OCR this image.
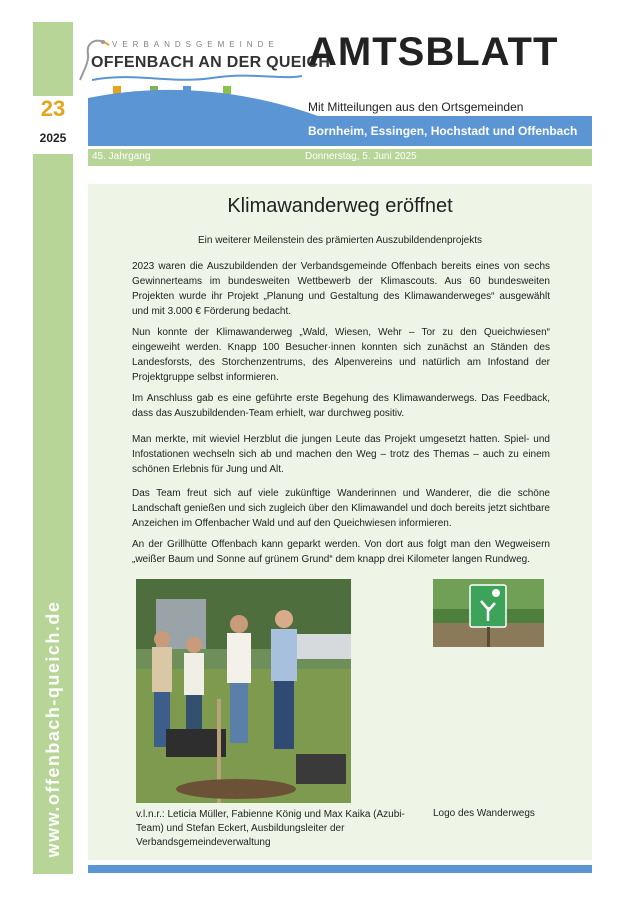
23
2025
www.offenbach-queich.de
VERBANDSGEMEINDE
OFFENBACH AN DER QUEICH
AMTSBLATT
Mit Mitteilungen aus den Ortsgemeinden
Bornheim, Essingen, Hochstadt und Offenbach
45. Jahrgang	Donnerstag, 5. Juni 2025
Klimawanderweg eröffnet
Ein weiterer Meilenstein des prämierten Auszubildendenprojekts
2023 waren die Auszubildenden der Verbandsgemeinde Offenbach bereits eines von sechs Gewinnerteams im bundesweiten Wettbewerb der Klimascouts. Aus 60 bundesweiten Projekten wurde ihr Projekt „Planung und Gestaltung des Klimawanderweges“ ausgewählt und mit 3.000 € Förderung bedacht.
Nun konnte der Klimawanderweg „Wald, Wiesen, Wehr – Tor zu den Queichwiesen“ eingeweiht werden. Knapp 100 Besucher·innen konnten sich zunächst an Ständen des Landesforsts, des Storchenzentrums, des Alpenvereins und natürlich am Infostand der Projektgruppe selbst informieren.
Im Anschluss gab es eine geführte erste Begehung des Klimawanderwegs. Das Feedback, dass das Auszubildenden-Team erhielt, war durchweg positiv.
Man merkte, mit wieviel Herzblut die jungen Leute das Projekt umgesetzt hatten. Spiel- und Infostationen wechseln sich ab und machen den Weg – trotz des Themas – auch zu einem schönen Erlebnis für Jung und Alt.
Das Team freut sich auf viele zukünftige Wanderinnen und Wanderer, die die schöne Landschaft genießen und sich zugleich über den Klimawandel und doch bereits jetzt sichtbare Anzeichen im Offenbacher Wald und auf den Queichwiesen informieren.
An der Grillhütte Offenbach kann geparkt werden. Von dort aus folgt man den Wegweisern „weißer Baum und Sonne auf grünem Grund“ dem knapp drei Kilometer langen Rundweg.
v.l.n.r.: Leticia Müller, Fabienne König und Max Kaika (Azubi-Team) und Stefan Eckert, Ausbildungsleiter der Verbandsgemeindeverwaltung
Logo des Wanderwegs
